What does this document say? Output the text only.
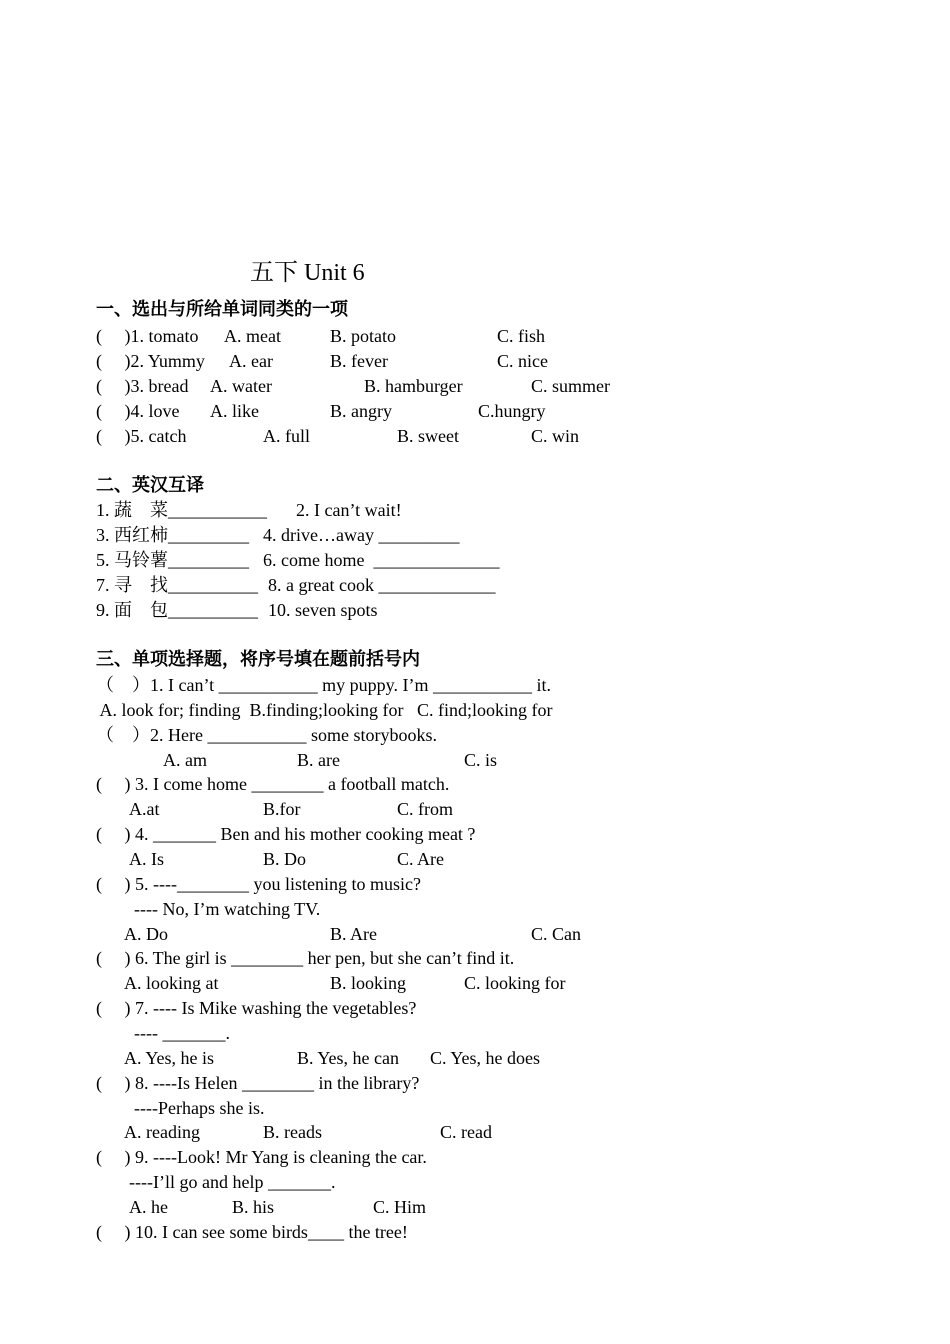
五下 Unit 6
一、选出与所给单词同类的一项
(     )1. tomato A. meat	B. potato	C. fish
(     )2. Yummy A. ear	B. fever	C. nice
(     )3. bread A. water	B. hamburger	C. summer
(     )4. love A. like	B. angry	C.hungry
(     )5. catch	A. full	B. sweet	C. win
二、英汉互译
1. 蔬    菜___________ 2. I can’t wait!
3. 西红柿_________ 4. drive…away _________
5. 马铃薯_________ 6. come home  ______________
7. 寻    找__________ 8. a great cook _____________
9. 面    包__________ 10. seven spots
三、单项选择题，将序号填在题前括号内
（    ）1. I can’t ___________ my puppy. I’m ___________ it.
A. look for; finding  B.finding;looking for   C. find;looking for
（    ）2. Here ___________ some storybooks.
A. am	B. are	C. is
(     ) 3. I come home ________ a football match.
A.at	B.for	C. from
(     ) 4. _______ Ben and his mother cooking meat ?
A. Is	B. Do	C. Are
(     ) 5. ----________ you listening to music?
---- No, I’m watching TV.
A. Do	B. Are	C. Can
(     ) 6. The girl is ________ her pen, but she can’t find it.
A. looking at	B. looking	C. looking for
(     ) 7. ---- Is Mike washing the vegetables?
---- _______.
A. Yes, he is	B. Yes, he can C. Yes, he does
(     ) 8. ----Is Helen ________ in the library?
----Perhaps she is.
A. reading	B. reads	C. read
(     ) 9. ----Look! Mr Yang is cleaning the car.
----I’ll go and help _______.
A. he	B. his	C. Him
(     ) 10. I can see some birds____ the tree!
